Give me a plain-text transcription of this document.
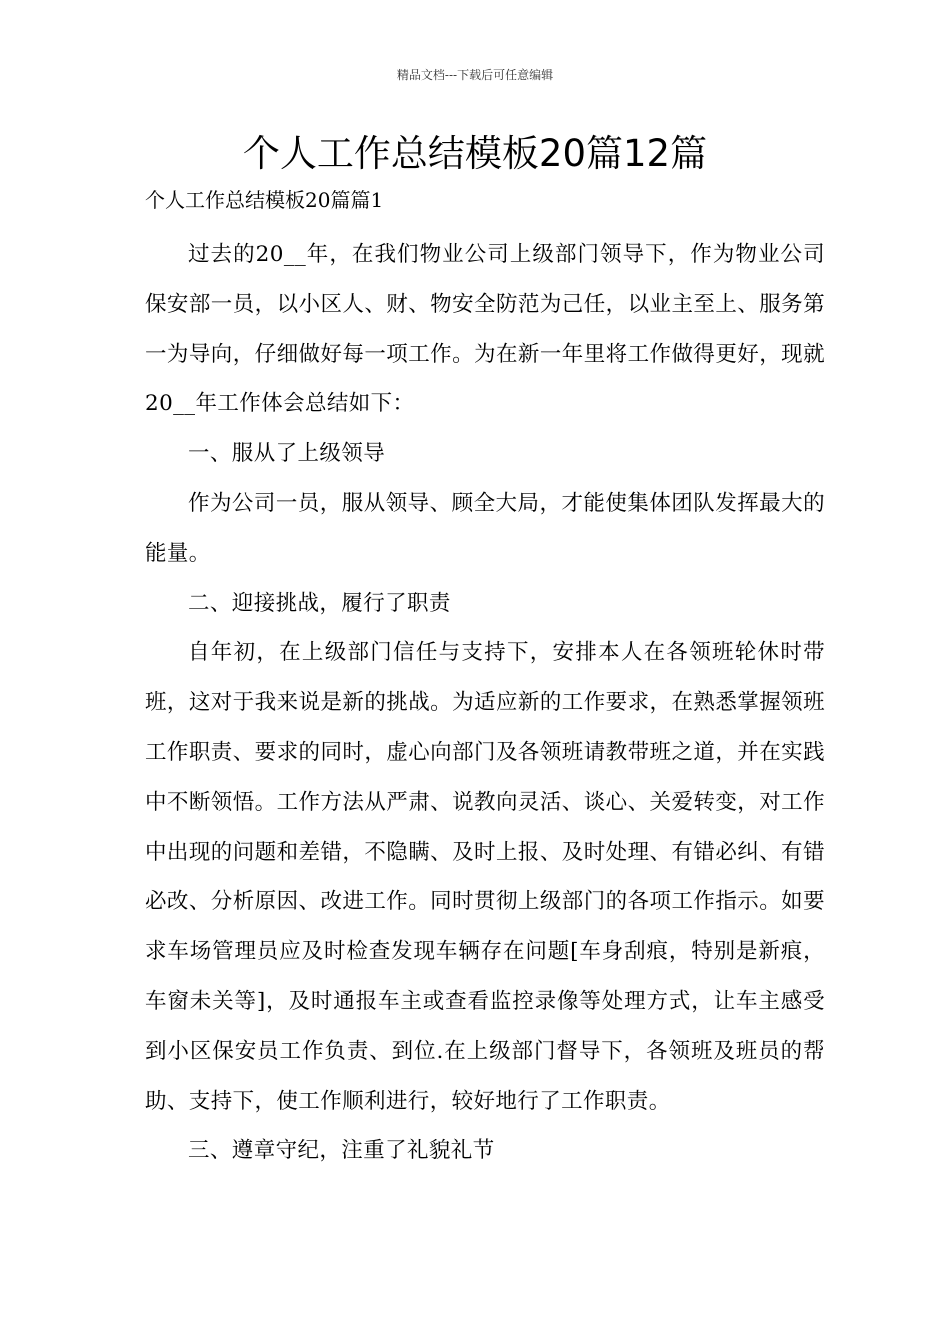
精品文档---下载后可任意编辑
个人工作总结模板20篇12篇
个人工作总结模板20篇篇1

过去的20__年，在我们物业公司上级部门领导下，作为物业公司保安部一员，以小区人、财、物安全防范为己任，以业主至上、服务第一为导向，仔细做好每一项工作。为在新一年里将工作做得更好，现就20__年工作体会总结如下：

一、服从了上级领导

作为公司一员，服从领导、顾全大局，才能使集体团队发挥最大的能量。

二、迎接挑战，履行了职责

自年初，在上级部门信任与支持下，安排本人在各领班轮休时带班，这对于我来说是新的挑战。为适应新的工作要求，在熟悉掌握领班工作职责、要求的同时，虚心向部门及各领班请教带班之道，并在实践中不断领悟。工作方法从严肃、说教向灵活、谈心、关爱转变，对工作中出现的问题和差错，不隐瞒、及时上报、及时处理、有错必纠、有错必改、分析原因、改进工作。同时贯彻上级部门的各项工作指示。如要求车场管理员应及时检查发现车辆存在问题[车身刮痕，特别是新痕，车窗未关等]，及时通报车主或查看监控录像等处理方式，让车主感受到小区保安员工作负责、到位.在上级部门督导下，各领班及班员的帮助、支持下，使工作顺利进行，较好地行了工作职责。

三、遵章守纪，注重了礼貌礼节
